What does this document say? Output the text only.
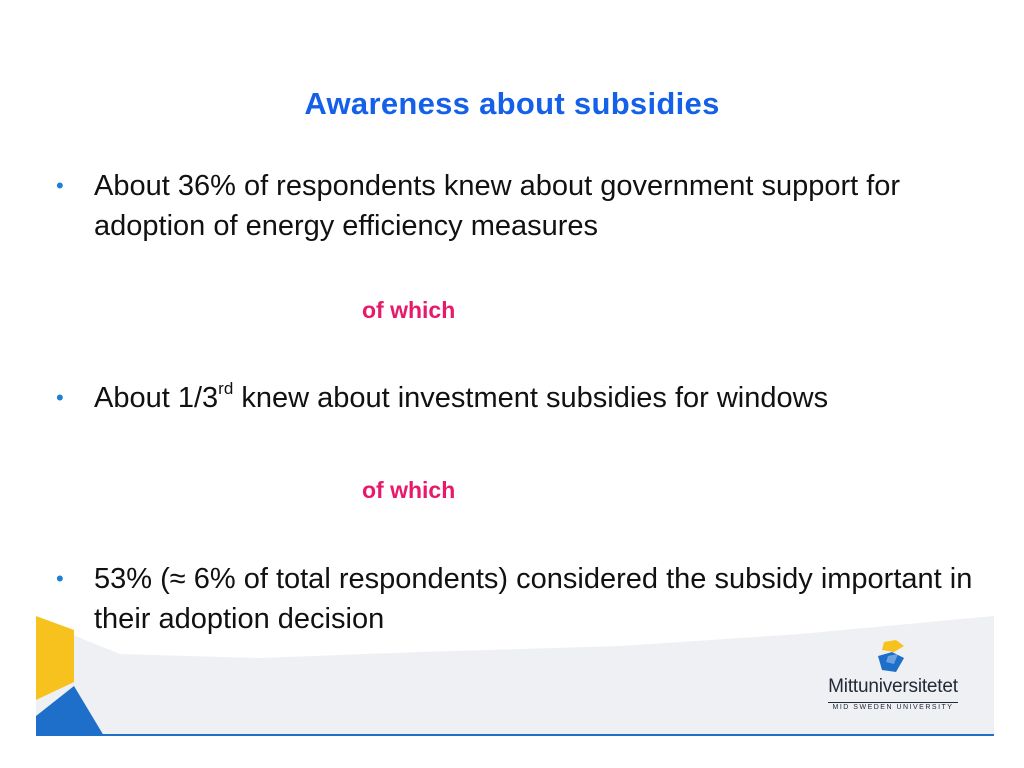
Awareness about subsidies
•	About 36% of respondents knew about government support for adoption of energy efficiency measures
of which
•	About 1/3rd knew about investment subsidies for windows
of which
•	53% (≈ 6% of total respondents) considered the subsidy important in their adoption decision
Mittuniversitetet
MID SWEDEN UNIVERSITY
